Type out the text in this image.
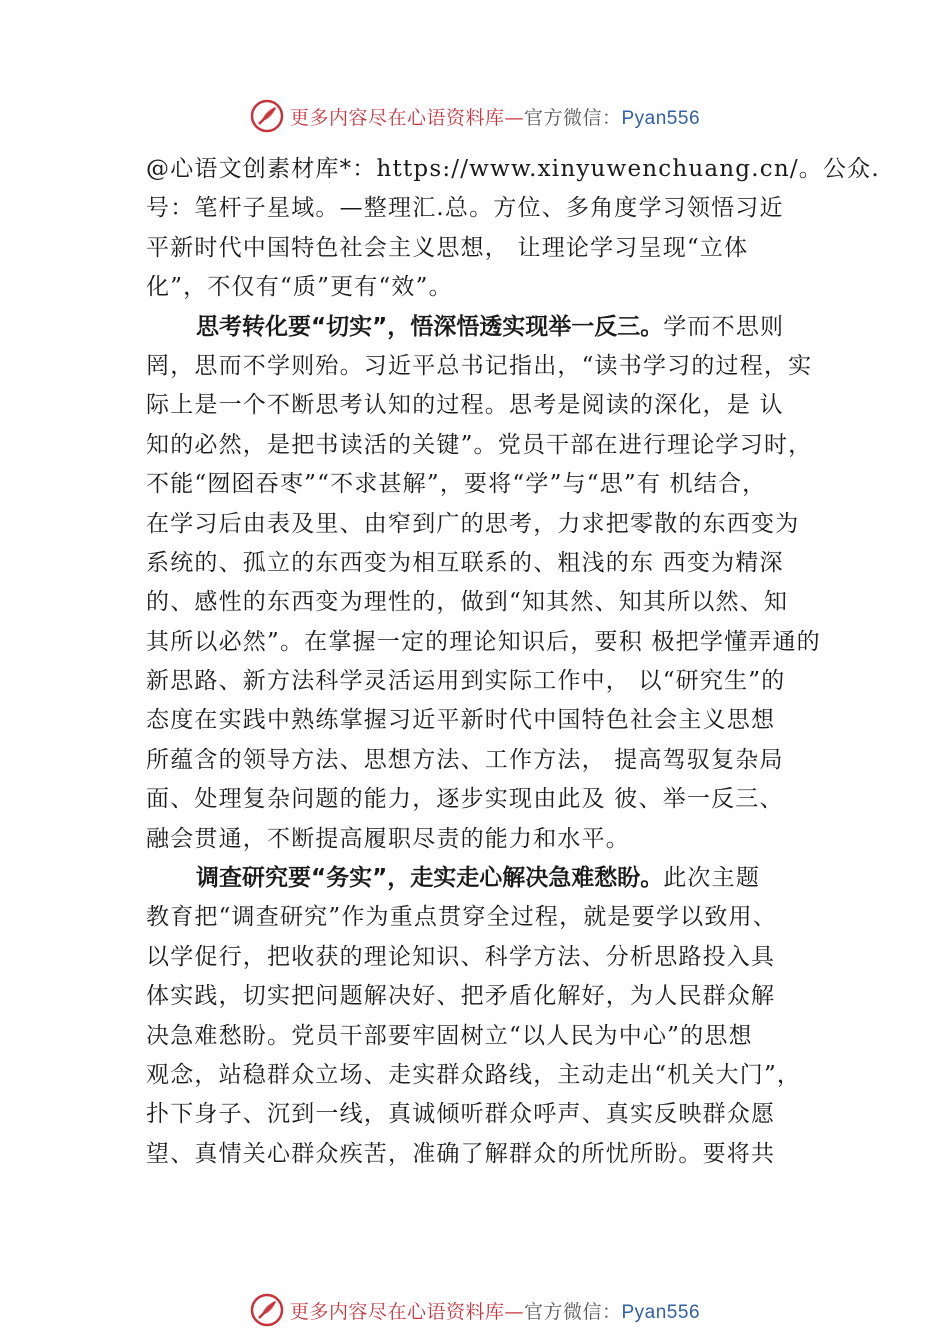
更多内容尽在心语资料库—官方微信：Pyan556
@心语文创素材库*：https://www.xinyuwenchuang.cn/。公众.
号：笔杆子星域。—整理汇.总。方位、多角度学习领悟习近
平新时代中国特色社会主义思想， 让理论学习呈现“立体
化”，不仅有“质”更有“效”。
思考转化要“切实”，悟深悟透实现举一反三。学而不思则
罔，思而不学则殆。习近平总书记指出，“读书学习的过程，实
际上是一个不断思考认知的过程。思考是阅读的深化，是 认
知的必然，是把书读活的关键”。党员干部在进行理论学习时，
不能“囫囵吞枣”“不求甚解”，要将“学”与“思”有 机结合，
在学习后由表及里、由窄到广的思考，力求把零散的东西变为
系统的、孤立的东西变为相互联系的、粗浅的东 西变为精深
的、感性的东西变为理性的，做到“知其然、知其所以然、知
其所以必然”。在掌握一定的理论知识后，要积 极把学懂弄通的
新思路、新方法科学灵活运用到实际工作中， 以“研究生”的
态度在实践中熟练掌握习近平新时代中国特色社会主义思想
所蕴含的领导方法、思想方法、工作方法， 提高驾驭复杂局
面、处理复杂问题的能力，逐步实现由此及 彼、举一反三、
融会贯通，不断提高履职尽责的能力和水平。
调查研究要“务实”，走实走心解决急难愁盼。此次主题
教育把“调查研究”作为重点贯穿全过程，就是要学以致用、
以学促行，把收获的理论知识、科学方法、分析思路投入具
体实践，切实把问题解决好、把矛盾化解好，为人民群众解
决急难愁盼。党员干部要牢固树立“以人民为中心”的思想
观念，站稳群众立场、走实群众路线，主动走出“机关大门”，
扑下身子、沉到一线，真诚倾听群众呼声、真实反映群众愿
望、真情关心群众疾苦，准确了解群众的所忧所盼。要将共
更多内容尽在心语资料库—官方微信：Pyan556
